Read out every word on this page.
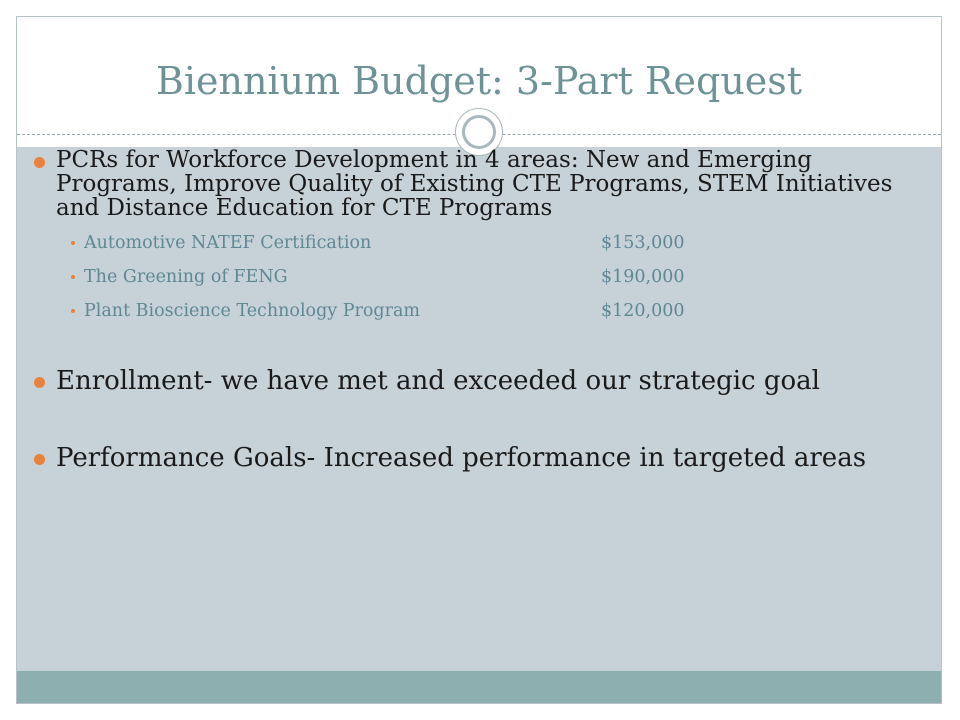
Biennium Budget: 3-Part Request
PCRs for Workforce Development in 4 areas: New and Emerging Programs, Improve Quality of Existing CTE Programs, STEM Initiatives and Distance Education for CTE Programs
Automotive NATEF Certification	$153,000
The Greening of FENG	$190,000
Plant Bioscience Technology Program	$120,000
Enrollment- we have met and exceeded our strategic goal
Performance Goals- Increased performance in targeted areas
